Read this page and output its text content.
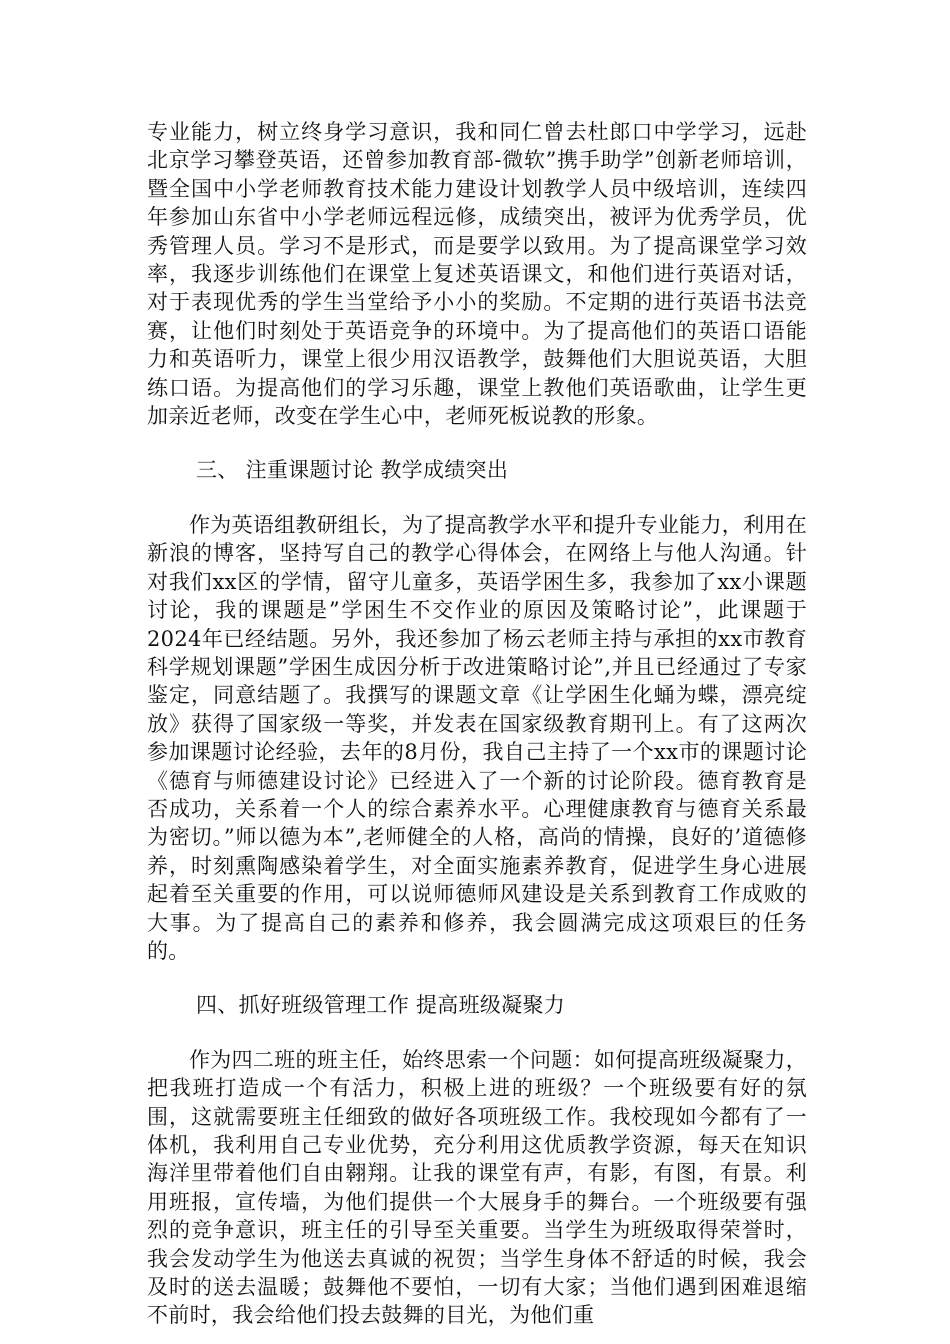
专业能力，树立终身学习意识，我和同仁曾去杜郎口中学学习，远赴北京学习攀登英语，还曾参加教育部-微软”携手助学”创新老师培训，暨全国中小学老师教育技术能力建设计划教学人员中级培训，连续四年参加山东省中小学老师远程远修，成绩突出，被评为优秀学员，优秀管理人员。学习不是形式，而是要学以致用。为了提高课堂学习效率，我逐步训练他们在课堂上复述英语课文，和他们进行英语对话，对于表现优秀的学生当堂给予小小的奖励。不定期的进行英语书法竞赛，让他们时刻处于英语竞争的环境中。为了提高他们的英语口语能力和英语听力，课堂上很少用汉语教学，鼓舞他们大胆说英语，大胆练口语。为提高他们的学习乐趣，课堂上教他们英语歌曲，让学生更加亲近老师，改变在学生心中，老师死板说教的形象。

三、 注重课题讨论 教学成绩突出

作为英语组教研组长，为了提高教学水平和提升专业能力，利用在新浪的博客，坚持写自己的教学心得体会，在网络上与他人沟通。针对我们xx区的学情，留守儿童多，英语学困生多，我参加了xx小课题讨论，我的课题是”学困生不交作业的原因及策略讨论”，此课题于2024年已经结题。另外，我还参加了杨云老师主持与承担的xx市教育科学规划课题”学困生成因分析于改进策略讨论”,并且已经通过了专家鉴定，同意结题了。我撰写的课题文章《让学困生化蛹为蝶，漂亮绽放》获得了国家级一等奖，并发表在国家级教育期刊上。有了这两次参加课题讨论经验，去年的8月份，我自己主持了一个xx市的课题讨论《德育与师德建设讨论》已经进入了一个新的讨论阶段。德育教育是否成功，关系着一个人的综合素养水平。心理健康教育与德育关系最为密切。”师以德为本”,老师健全的人格，高尚的情操，良好的’道德修养，时刻熏陶感染着学生，对全面实施素养教育，促进学生身心进展起着至关重要的作用，可以说师德师风建设是关系到教育工作成败的大事。为了提高自己的素养和修养，我会圆满完成这项艰巨的任务的。

四、抓好班级管理工作 提高班级凝聚力

作为四二班的班主任，始终思索一个问题：如何提高班级凝聚力，把我班打造成一个有活力，积极上进的班级？一个班级要有好的氛围，这就需要班主任细致的做好各项班级工作。我校现如今都有了一体机，我利用自己专业优势，充分利用这优质教学资源，每天在知识海洋里带着他们自由翱翔。让我的课堂有声，有影，有图，有景。利用班报，宣传墙，为他们提供一个大展身手的舞台。一个班级要有强烈的竞争意识，班主任的引导至关重要。当学生为班级取得荣誉时，我会发动学生为他送去真诚的祝贺；当学生身体不舒适的时候，我会及时的送去温暖；鼓舞他不要怕，一切有大家；当他们遇到困难退缩不前时，我会给他们投去鼓舞的目光，为他们重
